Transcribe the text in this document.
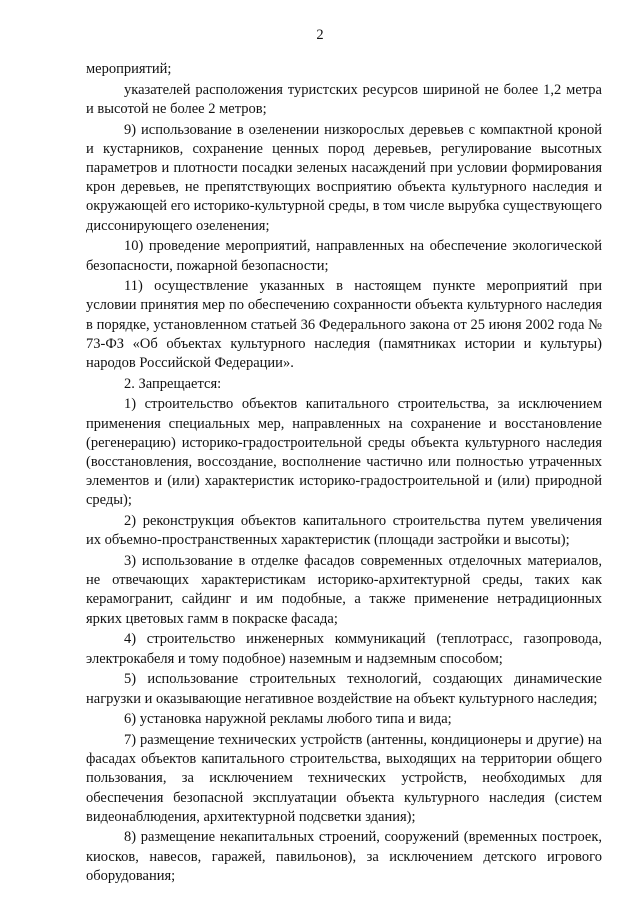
2

мероприятий;

указателей расположения туристских ресурсов шириной не более 1,2 метра и высотой не более 2 метров;

9) использование в озеленении низкорослых деревьев с компактной кроной и кустарников, сохранение ценных пород деревьев, регулирование высотных параметров и плотности посадки зеленых насаждений при условии формирования крон деревьев, не препятствующих восприятию объекта культурного наследия и окружающей его историко-культурной среды, в том числе вырубка существующего диссонирующего озеленения;

10) проведение мероприятий, направленных на обеспечение экологической безопасности, пожарной безопасности;

11) осуществление указанных в настоящем пункте мероприятий при условии принятия мер по обеспечению сохранности объекта культурного наследия в порядке, установленном статьей 36 Федерального закона от 25 июня 2002 года № 73-ФЗ «Об объектах культурного наследия (памятниках истории и культуры) народов Российской Федерации».

2. Запрещается:

1) строительство объектов капитального строительства, за исключением применения специальных мер, направленных на сохранение и восстановление (регенерацию) историко-градостроительной среды объекта культурного наследия (восстановления, воссоздание, восполнение частично или полностью утраченных элементов и (или) характеристик историко-градостроительной и (или) природной среды);

2) реконструкция объектов капитального строительства путем увеличения их объемно-пространственных характеристик (площади застройки и высоты);

3) использование в отделке фасадов современных отделочных материалов, не отвечающих характеристикам историко-архитектурной среды, таких как керамогранит, сайдинг и им подобные, а также применение нетрадиционных ярких цветовых гамм в покраске фасада;

4) строительство инженерных коммуникаций (теплотрасс, газопровода, электрокабеля и тому подобное) наземным и надземным способом;

5) использование строительных технологий, создающих динамические нагрузки и оказывающие негативное воздействие на объект культурного наследия;

6) установка наружной рекламы любого типа и вида;

7) размещение технических устройств (антенны, кондиционеры и другие) на фасадах объектов капитального строительства, выходящих на территории общего пользования, за исключением технических устройств, необходимых для обеспечения безопасной эксплуатации объекта культурного наследия (систем видеонаблюдения, архитектурной подсветки здания);

8) размещение некапитальных строений, сооружений (временных построек, киосков, навесов, гаражей, павильонов), за исключением детского игрового оборудования;
